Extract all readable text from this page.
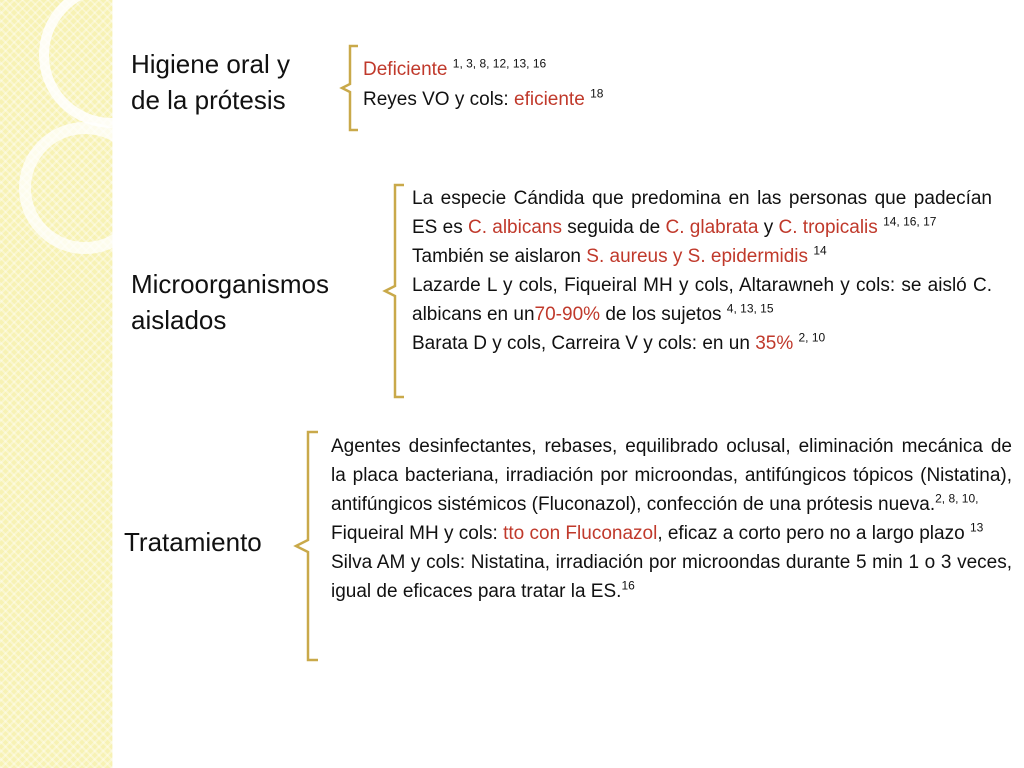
Higiene oral y
de la prótesis

Deficiente $^{1, 3, 8, 12, 13, 16}$

Reyes VO y cols: eficiente $^{18}$

Microorganismos
aislados

La especie Cándida que predomina en las personas que padecían ES es C. albicans seguida de C. glabrata y C. tropicalis $^{14, 16, 17}$

También se aislaron S. aureus y S. epidermidis $^{14}$

Lazarde L y cols, Fiqueiral MH y cols, Altarawneh y cols: se aisló C. albicans en un70-90% de los sujetos $^{4, 13, 15}$

Barata D y cols, Carreira V y cols: en un 35% $^{2, 10}$

Tratamiento

Agentes desinfectantes, rebases, equilibrado oclusal, eliminación mecánica de la placa bacteriana, irradiación por microondas, antifúngicos tópicos (Nistatina), antifúngicos sistémicos (Fluconazol), confección de una prótesis nueva.$^{2, 8, 10,}$

Fiqueiral MH y cols: tto con Fluconazol, eficaz a corto pero no a largo plazo $^{13}$

Silva AM y cols: Nistatina, irradiación por microondas durante 5 min 1 o 3 veces, igual de eficaces para tratar la ES.$^{16}$
